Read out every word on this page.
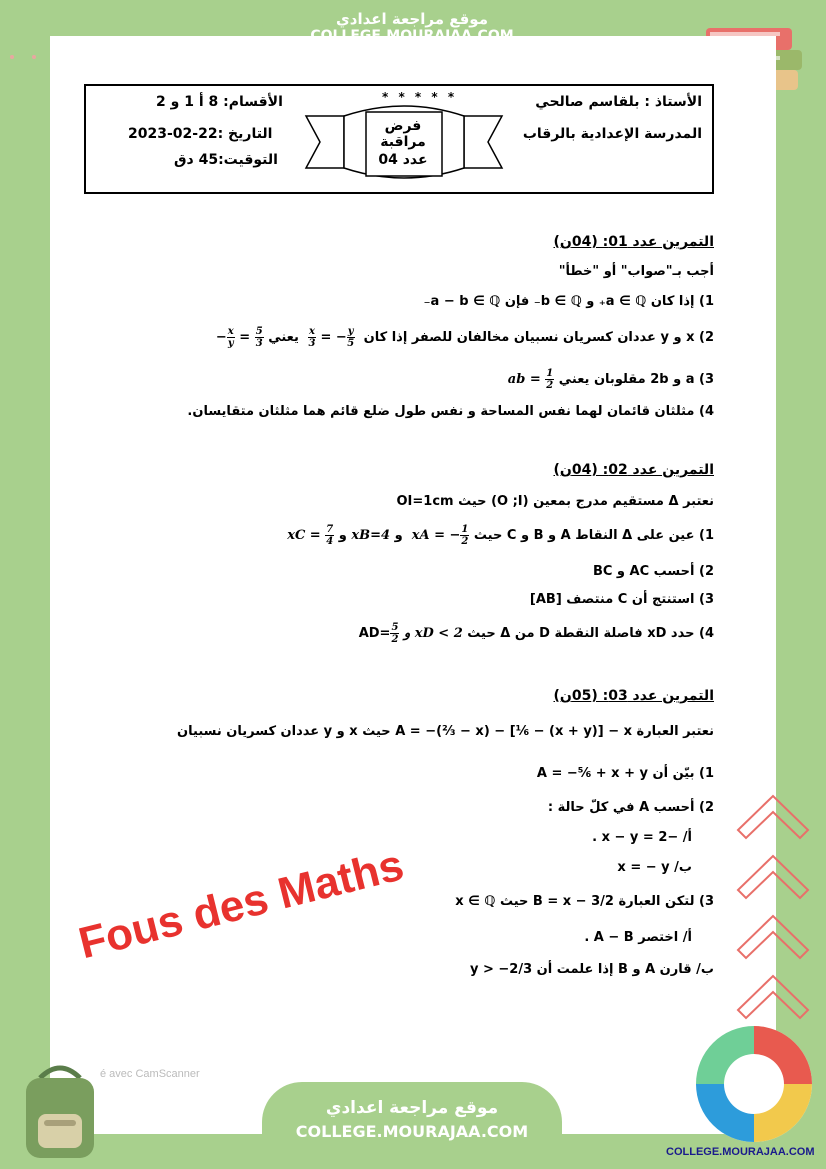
موقع مراجعة اعدادي
الأستاذ : بلقاسم صالحي
المدرسة الإعدادية بالرقاب
* * * * *
فرض مراقبة
عدد 04
الأقسام: 8 أ 1 و 2
التاريخ :22-02-2023
التوقيت:45 دق
التمرين عدد 01: (04ن)
أجب بـ"صواب" أو "خطأ"
1) إذا كان a ∈ ℚ₊ و b ∈ ℚ₋ فإن a − b ∈ ℚ₋
2) x و y عددان كسريان نسبيان مخالفان للصفر إذا كان
$\frac{x}{3}$ = − $\frac{y}{5}$
يعني  − $\frac{x}{y} = \frac{5}{3}$
3) a و 2b مقلوبان يعني  ab = $\frac{1}{2}$
4) مثلثان قائمان لهما نفس المساحة و نفس طول ضلع قائم هما مثلثان متقايسان.
التمرين عدد 02: (04ن)
نعتبر Δ مستقيم مدرج بمعين (O ;I) حيث OI=1cm
1) عين على Δ النقاط A و B و C حيث  xA = − $\frac{1}{2}$
و xB=4 و  xC = $\frac{7}{4}$
2) أحسب AC و BC
3) استنتج أن C منتصف [AB]
4) حدد xD فاصلة النقطة D من Δ حيث AD=
$\frac{5}{2}$ و xD < 2
التمرين عدد 03: (05ن)
نعتبر العبارة A = −(⅔ − x) − [⅙ − (x + y)] − x حيث x و y عددان كسريان نسبيان
1) بيّن أن A = −⅚ + x + y
2) أحسب A في كلّ حالة :
أ/ −x − y = 2 .
ب/ x = − y
3) لتكن العبارة B = x − 3/2 حيث x ∈ ℚ
أ/ اختصر A − B .
ب/ قارن A و B إذا علمت أن y > −2/3
Fous des Maths
é avec CamScanner
موقع مراجعة اعدادي
COLLEGE.MOURAJAA.COM
COLLEGE.MOURAJAA.COM
